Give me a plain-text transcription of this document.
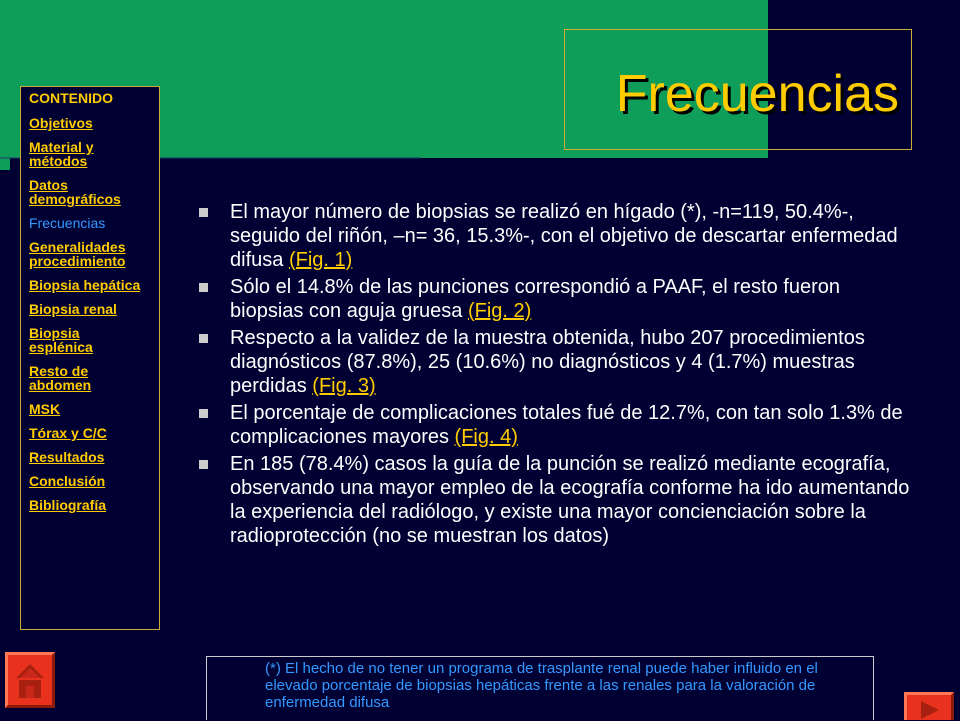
Frecuencias
CONTENIDO
Objetivos
Material y métodos
Datos demográficos
Frecuencias
Generalidades procedimiento
Biopsia hepática
Biopsia renal
Biopsia esplénica
Resto de abdomen
MSK
Tórax y C/C
Resultados
Conclusión
Bibliografía
El mayor número de biopsias se realizó en hígado (*), -n=119, 50.4%-, seguido del riñón, –n= 36, 15.3%-, con el objetivo de descartar enfermedad difusa (Fig. 1)
Sólo el 14.8% de las punciones correspondió a PAAF, el resto fueron biopsias con aguja gruesa (Fig. 2)
Respecto a la validez de la muestra obtenida, hubo 207 procedimientos diagnósticos (87.8%), 25 (10.6%) no diagnósticos y 4 (1.7%) muestras perdidas (Fig. 3)
El porcentaje de complicaciones totales fué de 12.7%, con tan solo 1.3% de complicaciones mayores (Fig. 4)
En 185 (78.4%) casos la guía de la punción se realizó mediante ecografía, observando una mayor empleo de la ecografía conforme ha ido aumentando la experiencia del radiólogo, y existe una mayor concienciación sobre la radioprotección (no se muestran los datos)
(*) El hecho de no tener un programa de trasplante renal puede haber influido en el elevado porcentaje de biopsias hepáticas frente a las renales para la valoración de enfermedad difusa
